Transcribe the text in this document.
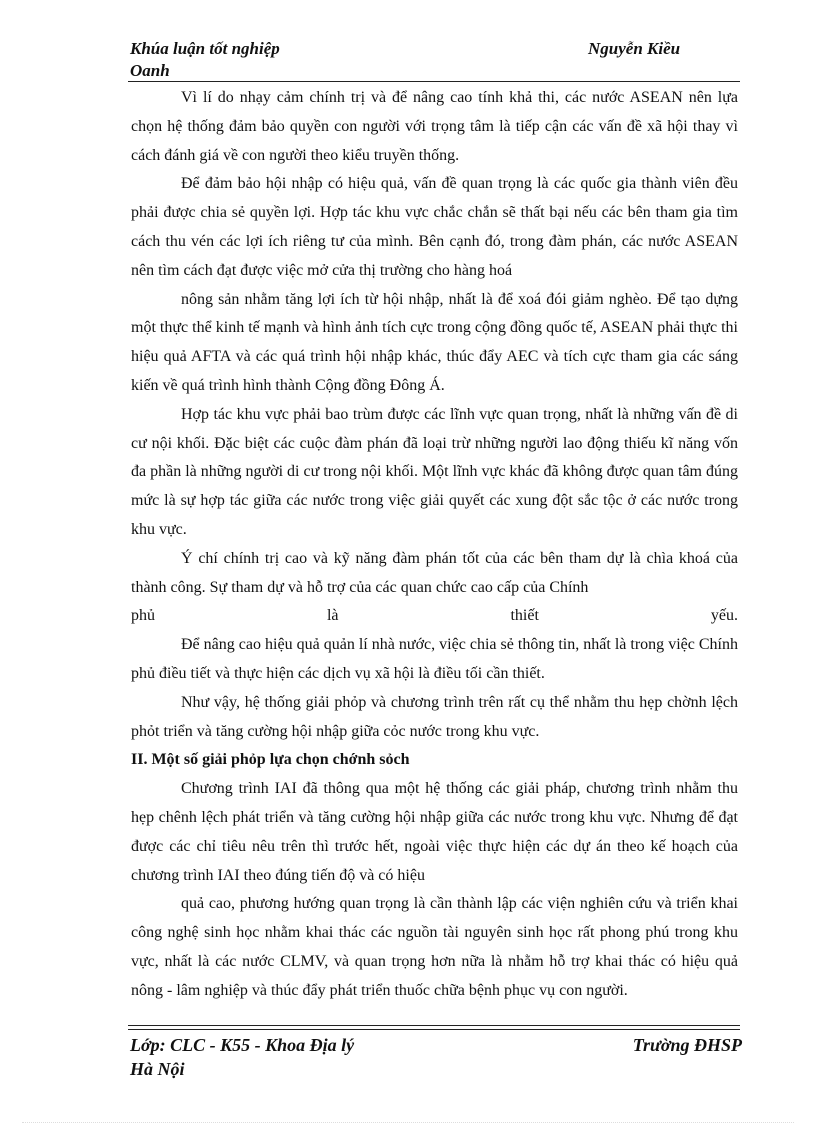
Khúa luận tốt nghiệp	Nguyễn Kiều
Oanh

Vì lí do nhạy cảm chính trị và để nâng cao tính khả thi, các nước ASEAN nên lựa chọn hệ thống đảm bảo quyền con người với trọng tâm là tiếp cận các vấn đề xã hội thay vì cách đánh giá về con người theo kiểu truyền thống.

Để đảm bảo hội nhập có hiệu quả, vấn đề quan trọng là các quốc gia thành viên đều phải được chia sẻ quyền lợi. Hợp tác khu vực chắc chắn sẽ thất bại nếu các bên tham gia tìm cách thu vén các lợi ích riêng tư của mình. Bên cạnh đó, trong đàm phán, các nước ASEAN nên tìm cách đạt được việc mở cửa thị trường cho hàng hoá

nông sản nhằm tăng lợi ích từ hội nhập, nhất là để xoá đói giảm nghèo. Để tạo dựng một thực thể kinh tế mạnh và hình ảnh tích cực trong cộng đồng quốc tế, ASEAN phải thực thi hiệu quả AFTA và các quá trình hội nhập khác, thúc đẩy AEC và tích cực tham gia các sáng kiến về quá trình hình thành Cộng đồng Đông Á.

Hợp tác khu vực phải bao trùm được các lĩnh vực quan trọng, nhất là những vấn đề di cư nội khối. Đặc biệt các cuộc đàm phán đã loại trừ những người lao động thiếu kĩ năng vốn đa phần là những người di cư trong nội khối. Một lĩnh vực khác đã không được quan tâm đúng mức là sự hợp tác giữa các nước trong việc giải quyết các xung đột sắc tộc ở các nước trong khu vực.

Ý chí chính trị cao và kỹ năng đàm phán tốt của các bên tham dự là chìa khoá của thành công. Sự tham dự và hỗ trợ của các quan chức cao cấp của Chính

phủ là thiết yếu.

Để nâng cao hiệu quả quản lí nhà nước, việc chia sẻ thông tin, nhất là trong việc Chính phủ điều tiết và thực hiện các dịch vụ xã hội là điều tối cần thiết.

Như vậy, hệ thống giải phỏp và chương trình trên rất cụ thể nhằm thu hẹp chờnh lệch phỏt triển và tăng cường hội nhập giữa cỏc nước trong khu vực.

II. Một số giải phỏp lựa chọn chớnh sỏch

Chương trình IAI đã thông qua một hệ thống các giải pháp, chương trình nhằm thu hẹp chênh lệch phát triển và tăng cường hội nhập giữa các nước trong khu vực. Nhưng để đạt được các chỉ tiêu nêu trên thì trước hết, ngoài việc thực hiện các dự án theo kế hoạch của chương trình IAI theo đúng tiến độ và có hiệu

quả cao, phương hướng quan trọng là cần thành lập các viện nghiên cứu và triển khai công nghệ sinh học nhằm khai thác các nguồn tài nguyên sinh học rất phong phú trong khu vực, nhất là các nước CLMV, và quan trọng hơn nữa là nhằm hỗ trợ khai thác có hiệu quả nông - lâm nghiệp và thúc đẩy phát triển thuốc chữa bệnh phục vụ con người.

Lớp: CLC - K55 - Khoa Địa lý	Trường ĐHSP
Hà Nội
